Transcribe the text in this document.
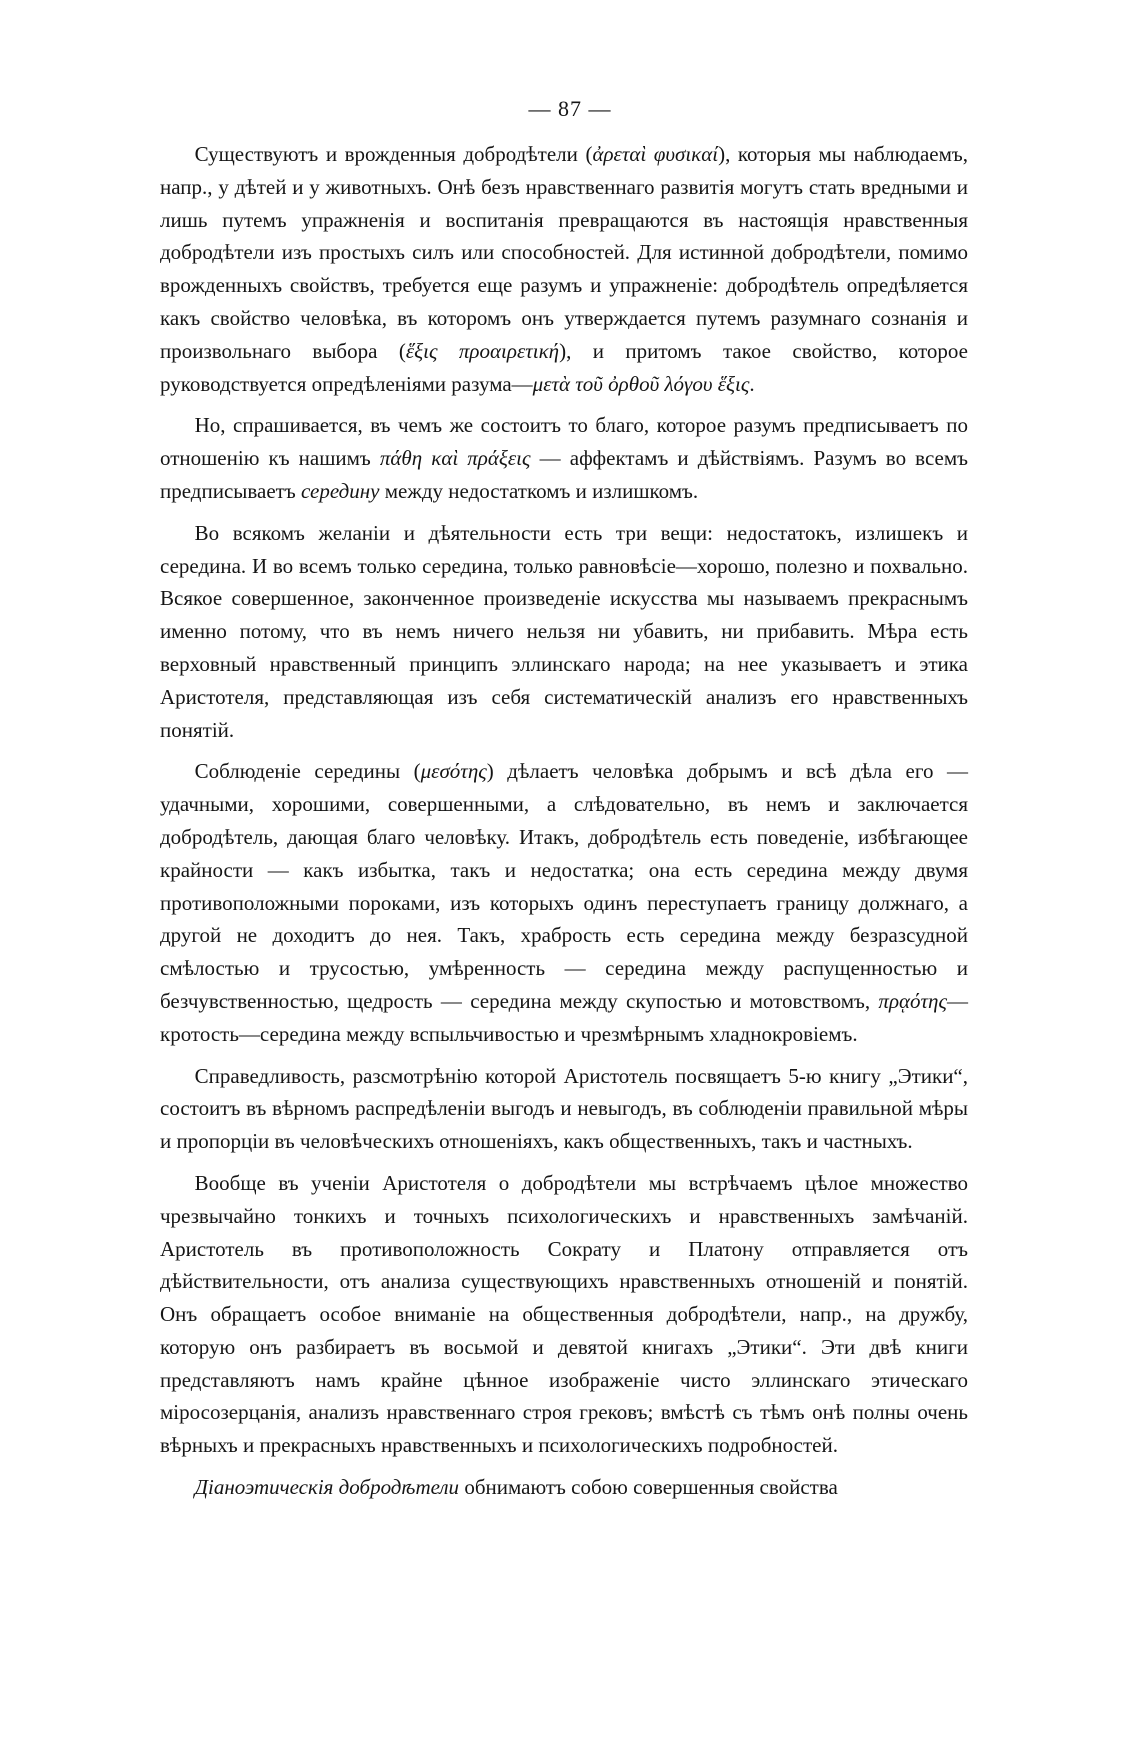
— 87 —

Существуютъ и врожденныя добродѣтели (ἀρεταὶ φυσικαί), которыя мы наблюдаемъ, напр., у дѣтей и у животныхъ. Онѣ безъ нравственнаго развитія могутъ стать вредными и лишь путемъ упражненія и воспитанія превращаются въ настоящія нравственныя добродѣтели изъ простыхъ силъ или способностей. Для истинной добродѣтели, помимо врожденныхъ свойствъ, требуется еще разумъ и упражненіе: добродѣтель опредѣляется какъ свойство человѣка, въ которомъ онъ утверждается путемъ разумнаго сознанія и произвольнаго выбора (ἕξις προαιρετική), и притомъ такое свойство, которое руководствуется опредѣленіями разума—μετὰ τοῦ ὀρθοῦ λόγου ἕξις.

Но, спрашивается, въ чемъ же состоитъ то благо, которое разумъ предписываетъ по отношенію къ нашимъ πάθη καὶ πράξεις — аффектамъ и дѣйствіямъ. Разумъ во всемъ предписываетъ середину между недостаткомъ и излишкомъ.

Во всякомъ желаніи и дѣятельности есть три вещи: недостатокъ, излишекъ и середина. И во всемъ только середина, только равновѣсіе—хорошо, полезно и похвально. Всякое совершенное, законченное произведеніе искусства мы называемъ прекраснымъ именно потому, что въ немъ ничего нельзя ни убавить, ни прибавить. Мѣра есть верховный нравственный принципъ эллинскаго народа; на нее указываетъ и этика Аристотеля, представляющая изъ себя систематическій анализъ его нравственныхъ понятій.

Соблюденіе середины (μεσότης) дѣлаетъ человѣка добрымъ и всѣ дѣла его — удачными, хорошими, совершенными, а слѣдовательно, въ немъ и заключается добродѣтель, дающая благо человѣку. Итакъ, добродѣтель есть поведеніе, избѣгающее крайности — какъ избытка, такъ и недостатка; она есть середина между двумя противоположными пороками, изъ которыхъ одинъ переступаетъ границу должнаго, а другой не доходитъ до нея. Такъ, храбрость есть середина между безразсудной смѣлостью и трусостью, умѣренность — середина между распущенностью и безчувственностью, щедрость — середина между скупостью и мотовствомъ, πρᾳότης—кротость—середина между вспыльчивостью и чрезмѣрнымъ хладнокровіемъ.

Справедливость, разсмотрѣнію которой Аристотель посвящаетъ 5-ю книгу „Этики“, состоитъ въ вѣрномъ распредѣленіи выгодъ и невыгодъ, въ соблюденіи правильной мѣры и пропорціи въ человѣческихъ отношеніяхъ, какъ общественныхъ, такъ и частныхъ.

Вообще въ ученіи Аристотеля о добродѣтели мы встрѣчаемъ цѣлое множество чрезвычайно тонкихъ и точныхъ психологическихъ и нравственныхъ замѣчаній. Аристотель въ противоположность Сократу и Платону отправляется отъ дѣйствительности, отъ анализа существующихъ нравственныхъ отношеній и понятій. Онъ обращаетъ особое вниманіе на общественныя добродѣтели, напр., на дружбу, которую онъ разбираетъ въ восьмой и девятой книгахъ „Этики“. Эти двѣ книги представляютъ намъ крайне цѣнное изображеніе чисто эллинскаго этическаго міросозерцанія, анализъ нравственнаго строя грековъ; вмѣстѣ съ тѣмъ онѣ полны очень вѣрныхъ и прекрасныхъ нравственныхъ и психологическихъ подробностей.

Діаноэтическія добродѣтели обнимаютъ собою совершенныя свойства
